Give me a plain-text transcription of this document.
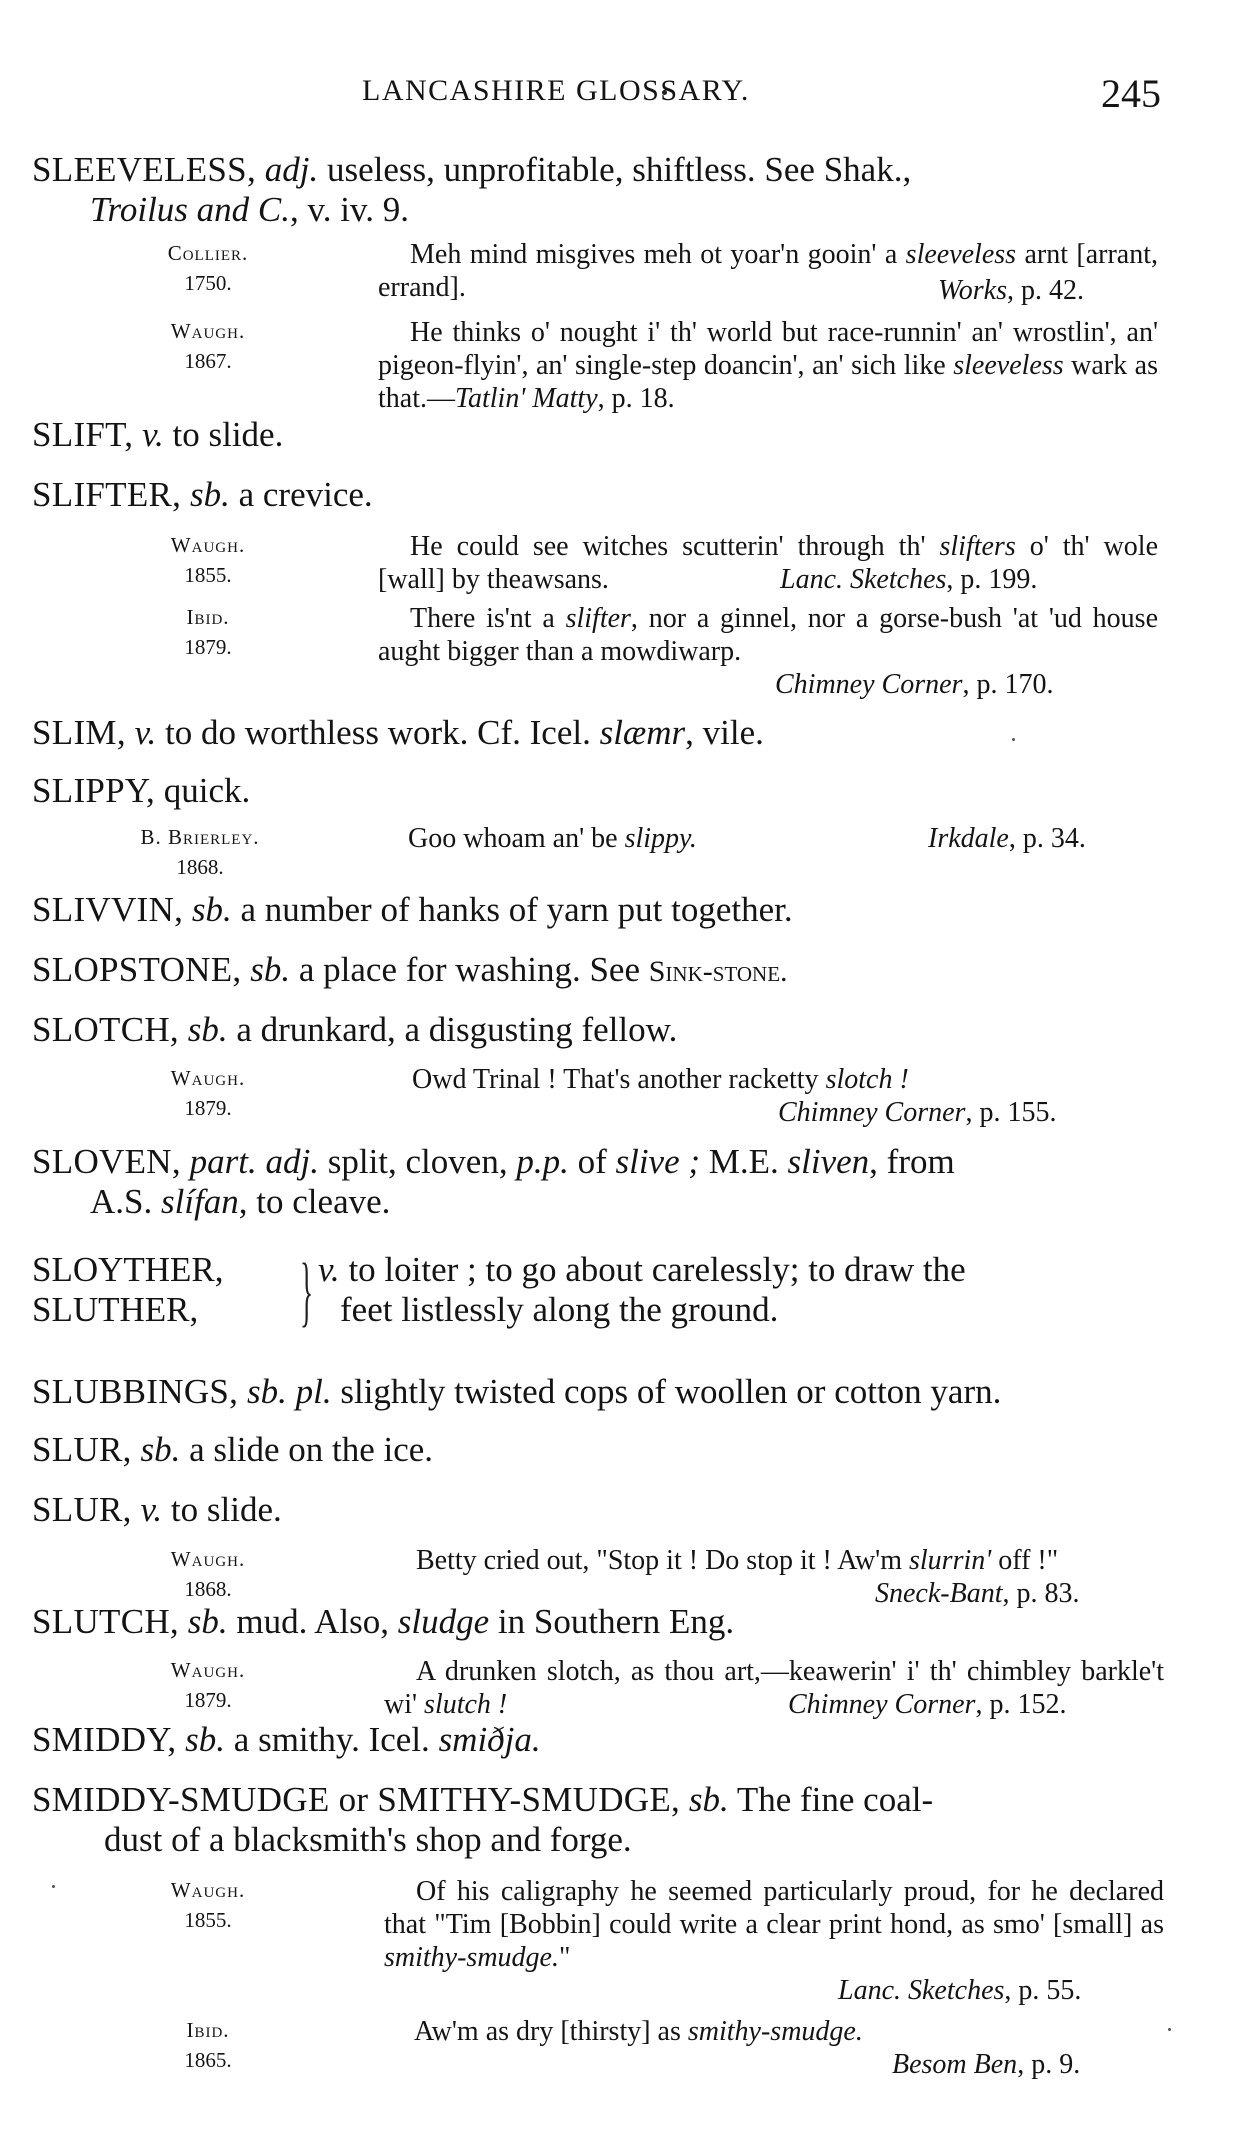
LANCASHIRE GLOSSARY.	245
SLEEVELESS, adj. useless, unprofitable, shiftless. See Shak.,
Troilus and C., v. iv. 9.
Collier.
1750.
Meh mind misgives meh ot yoar'n gooin' a sleeveless arnt [arrant, errand].	Works, p. 42.
Waugh.
1867.
He thinks o' nought i' th' world but race-runnin' an' wrostlin', an' pigeon-flyin', an' single-step doancin', an' sich like sleeveless wark as that.—Tatlin' Matty, p. 18.
SLIFT, v. to slide.
SLIFTER, sb. a crevice.
Waugh.
1855.
He could see witches scutterin' through th' slifters o' th' wole [wall] by theawsans.	Lanc. Sketches, p. 199.
Ibid.
1879.
There is'nt a slifter, nor a ginnel, nor a gorse-bush 'at 'ud house aught bigger than a mowdiwarp.
Chimney Corner, p. 170.
SLIM, v. to do worthless work. Cf. Icel. slæmr, vile.
SLIPPY, quick.
B. Brierley.
1868.
Goo whoam an' be slippy.	Irkdale, p. 34.
SLIVVIN, sb. a number of hanks of yarn put together.
SLOPSTONE, sb. a place for washing. See Sink-stone.
SLOTCH, sb. a drunkard, a disgusting fellow.
Waugh.
1879.
Owd Trinal ! That's another racketty slotch !
Chimney Corner, p. 155.
SLOVEN, part. adj. split, cloven, p.p. of slive ; M.E. sliven, from
A.S. slífan, to cleave.
SLOYTHER,
SLUTHER,	} v. to loiter ; to go about carelessly; to draw the
feet listlessly along the ground.
SLUBBINGS, sb. pl. slightly twisted cops of woollen or cotton yarn.
SLUR, sb. a slide on the ice.
SLUR, v. to slide.
Waugh.
1868.
Betty cried out, "Stop it ! Do stop it ! Aw'm slurrin' off !"
Sneck-Bant, p. 83.
SLUTCH, sb. mud. Also, sludge in Southern Eng.
Waugh.
1879.
A drunken slotch, as thou art,—keawerin' i' th' chimbley barkle't wi' slutch !	Chimney Corner, p. 152.
SMIDDY, sb. a smithy. Icel. smiðja.
SMIDDY-SMUDGE or SMITHY-SMUDGE, sb. The fine coal-
dust of a blacksmith's shop and forge.
Waugh.
1855.
Of his caligraphy he seemed particularly proud, for he declared that "Tim [Bobbin] could write a clear print hond, as smo' [small] as smithy-smudge."
Lanc. Sketches, p. 55.
Ibid.
1865.
Aw'm as dry [thirsty] as smithy-smudge.
Besom Ben, p. 9.
